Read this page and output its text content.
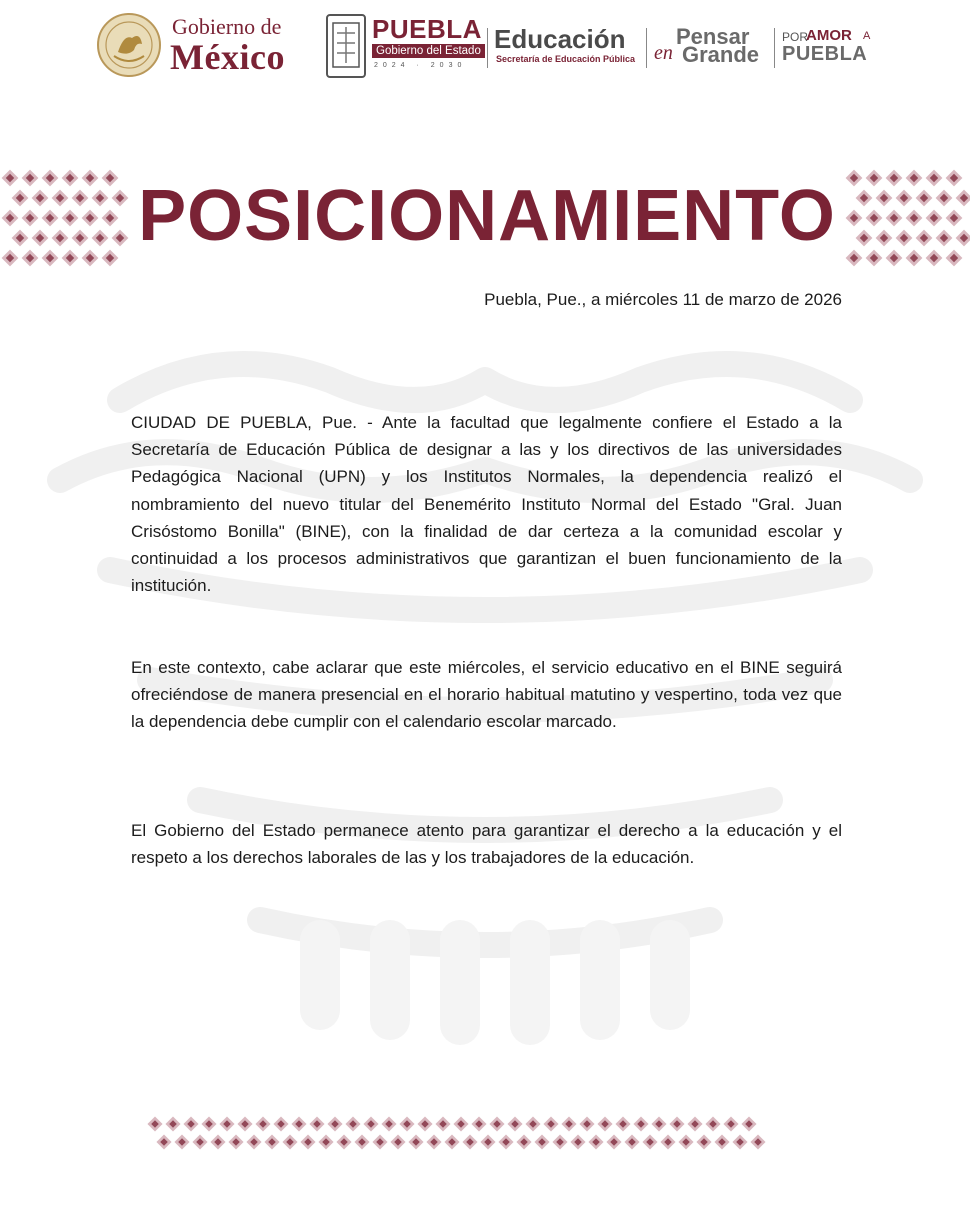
Gobierno de
México
PUEBLA
Gobierno del Estado
2024 · 2030
Educación
Secretaría de Educación Pública
Pensar
en Grande
POR
AMOR A
PUEBLA
POSICIONAMIENTO
Puebla, Pue., a miércoles 11 de marzo de 2026

CIUDAD DE PUEBLA, Pue. - Ante la facultad que legalmente confiere el Estado a la Secretaría de Educación Pública de designar a las y los directivos de las universidades Pedagógica Nacional (UPN) y los Institutos Normales, la dependencia realizó el nombramiento del nuevo titular del Benemérito Instituto Normal del Estado "Gral. Juan Crisóstomo Bonilla" (BINE), con la finalidad de dar certeza a la comunidad escolar y continuidad a los procesos administrativos que garantizan el buen funcionamiento de la institución.

En este contexto, cabe aclarar que este miércoles, el servicio educativo en el BINE seguirá ofreciéndose de manera presencial en el horario habitual matutino y vespertino, toda vez que la dependencia debe cumplir con el calendario escolar marcado.

El Gobierno del Estado permanece atento para garantizar el derecho a la educación y el respeto a los derechos laborales de las y los trabajadores de la educación.
